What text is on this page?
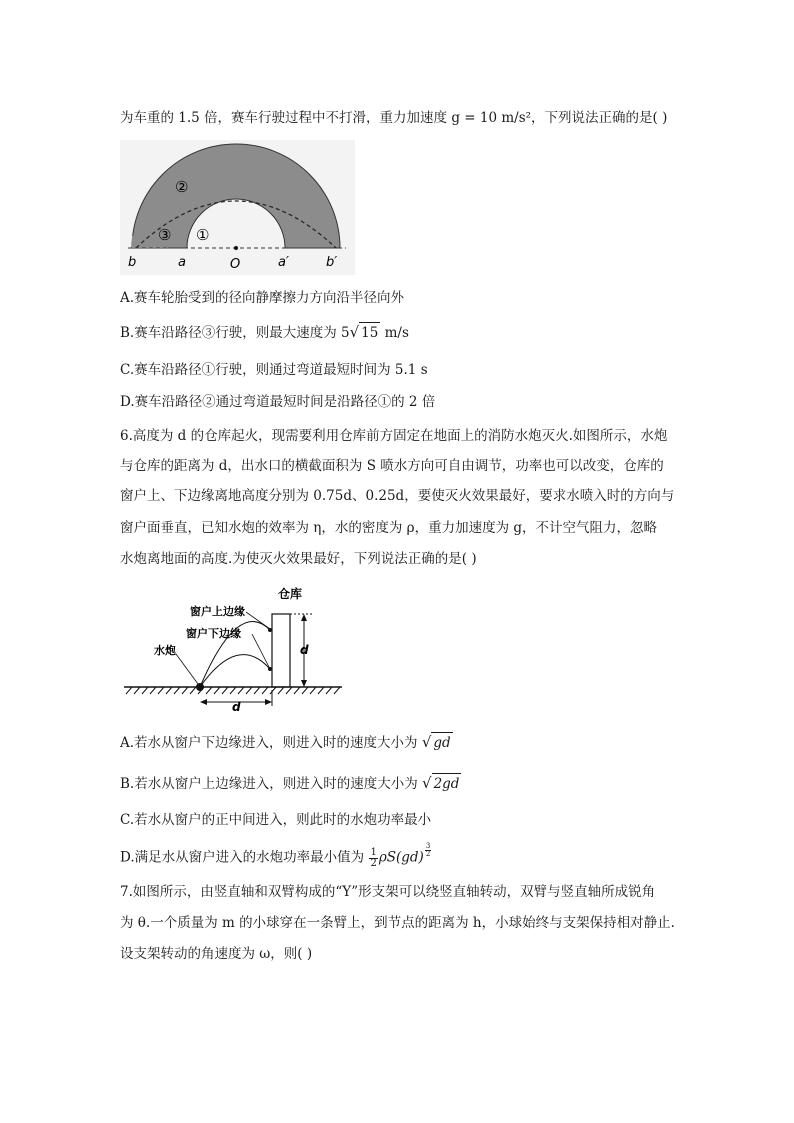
为车重的 1.5 倍，赛车行驶过程中不打滑，重力加速度 g = 10 m/s²，下列说法正确的是( )
②
③ ①
b	a	O	a′	b′
A.赛车轮胎受到的径向静摩擦力方向沿半径向外
B.赛车沿路径③行驶，则最大速度为 5√ 15 m/s
C.赛车沿路径①行驶，则通过弯道最短时间为 5.1 s
D.赛车沿路径②通过弯道最短时间是沿路径①的 2 倍
6.高度为 d 的仓库起火，现需要利用仓库前方固定在地面上的消防水炮灭火.如图所示，水炮
与仓库的距离为 d，出水口的横截面积为 S 喷水方向可自由调节，功率也可以改变，仓库的
窗户上、下边缘离地高度分别为 0.75d、0.25d，要使灭火效果最好，要求水喷入时的方向与
窗户面垂直，已知水炮的效率为 η，水的密度为 ρ，重力加速度为 g，不计空气阻力，忽略
水炮离地面的高度.为使灭火效果最好，下列说法正确的是( )
d
d
仓库
窗户上边缘
窗户下边缘
水炮
A.若水从窗户下边缘进入，则进入时的速度大小为 √ gd
B.若水从窗户上边缘进入，则进入时的速度大小为 √ 2gd
C.若水从窗户的正中间进入，则此时的水炮功率最小
D.满足水从窗户进入的水炮功率最小值为 $\frac{1}{2} \rho S(gd) \frac{3}{2}$
7.如图所示，由竖直轴和双臂构成的“Y”形支架可以绕竖直轴转动，双臂与竖直轴所成锐角
为 θ.一个质量为 m 的小球穿在一条臂上，到节点的距离为 h，小球始终与支架保持相对静止.
设支架转动的角速度为 ω，则( )
